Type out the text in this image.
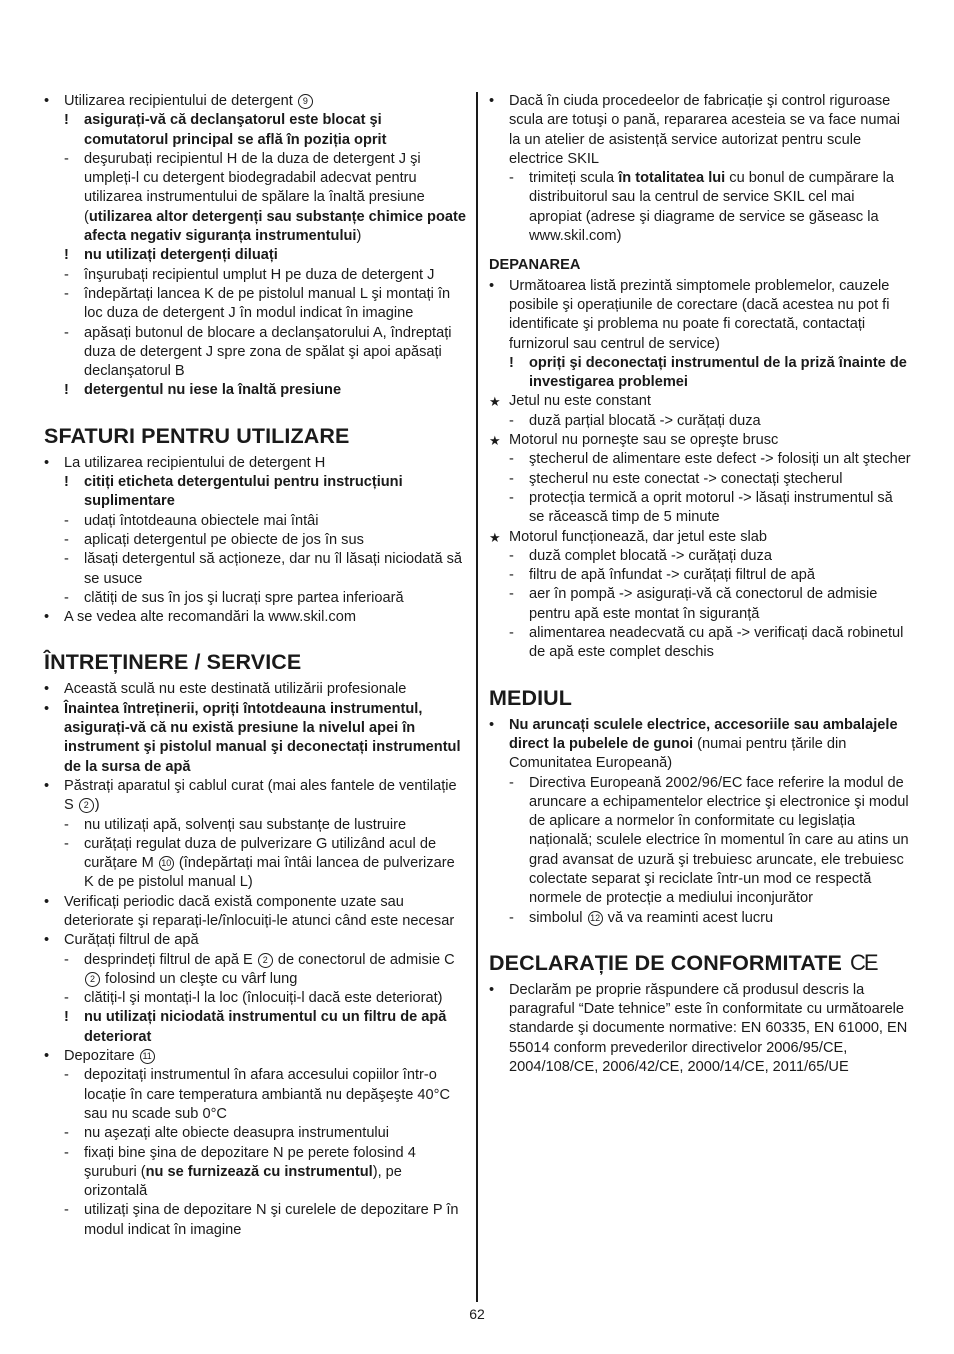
• Utilizarea recipientului de detergent 9
! asigurați-vă că declanşatorul este blocat şi comutatorul principal se află în poziția oprit
- deşurubați recipientul H de la duza de detergent J şi umpleți-l cu detergent biodegradabil adecvat pentru utilizarea instrumentului de spălare la înaltă presiune (utilizarea altor detergenți sau substanțe chimice poate afecta negativ siguranța instrumentului)
! nu utilizați detergenți diluați
- înşurubați recipientul umplut H pe duza de detergent J
- îndepărtați lancea K de pe pistolul manual L şi montați în loc duza de detergent J în modul indicat în imagine
- apăsați butonul de blocare a declanşatorului A, îndreptați duza de detergent J spre zona de spălat şi apoi apăsați declanşatorul B
! detergentul nu iese la înaltă presiune
SFATURI PENTRU UTILIZARE
• La utilizarea recipientului de detergent H
! citiți eticheta detergentului pentru instrucțiuni suplimentare
- udați întotdeauna obiectele mai întâi
- aplicați detergentul pe obiecte de jos în sus
- lăsați detergentul să acționeze, dar nu îl lăsați niciodată să se usuce
- clătiți de sus în jos şi lucrați spre partea inferioară
• A se vedea alte recomandări la www.skil.com
ÎNTREȚINERE / SERVICE
• Această sculă nu este destinată utilizării profesionale
• Înaintea întreținerii, opriți întotdeauna instrumentul, asigurați-vă că nu există presiune la nivelul apei în instrument şi pistolul manual şi deconectați instrumentul de la sursa de apă
• Păstrați aparatul şi cablul curat (mai ales fantele de ventilație S 2 )
- nu utilizați apă, solvenți sau substanțe de lustruire
- curățați regulat duza de pulverizare G utilizând acul de curățare M 10 (îndepărtați mai întâi lancea de pulverizare K de pe pistolul manual L)
• Verificați periodic dacă există componente uzate sau deteriorate şi reparați-le/înlocuiți-le atunci când este necesar
• Curățați filtrul de apă
- desprindeți filtrul de apă E 2 de conectorul de admisie C 2 folosind un cleşte cu vârf lung
- clătiți-l şi montați-l la loc (înlocuiți-l dacă este deteriorat)
! nu utilizați niciodată instrumentul cu un filtru de apă deteriorat
• Depozitare 11
- depozitați instrumentul în afara accesului copiilor într-o locație în care temperatura ambiantă nu depăşeşte 40°C sau nu scade sub 0°C
- nu aşezați alte obiecte deasupra instrumentului
- fixați bine şina de depozitare N pe perete folosind 4 şuruburi (nu se furnizează cu instrumentul), pe orizontală
- utilizați şina de depozitare N şi curelele de depozitare P în modul indicat în imagine
• Dacă în ciuda procedeelor de fabricație şi control riguroase scula are totuşi o pană, repararea acesteia se va face numai la un atelier de asistență service autorizat pentru scule electrice SKIL
- trimiteți scula în totalitatea lui cu bonul de cumpărare la distribuitorul sau la centrul de service SKIL cel mai apropiat (adrese şi diagrame de service se găseasc la www.skil.com)
DEPANAREA
• Următoarea listă prezintă simptomele problemelor, cauzele posibile şi operațiunile de corectare (dacă acestea nu pot fi identificate şi problema nu poate fi corectată, contactați furnizorul sau centrul de service)
! opriți şi deconectați instrumentul de la priză înainte de investigarea problemei
★ Jetul nu este constant
- duză parțial blocată -> curățați duza
★ Motorul nu porneşte sau se opreşte brusc
- ştecherul de alimentare este defect -> folosiți un alt ştecher
- ştecherul nu este conectat -> conectați ştecherul
- protecția termică a oprit motorul -> lăsați instrumentul să se răcească timp de 5 minute
★ Motorul funcționează, dar jetul este slab
- duză complet blocată -> curățați duza
- filtru de apă înfundat -> curățați filtrul de apă
- aer în pompă -> asigurați-vă că conectorul de admisie pentru apă este montat în siguranță
- alimentarea neadecvată cu apă -> verificați dacă robinetul de apă este complet deschis
MEDIUL
• Nu aruncați sculele electrice, accesoriile sau ambalajele direct la pubelele de gunoi (numai pentru țările din Comunitatea Europeană)
- Directiva Europeană 2002/96/EC face referire la modul de aruncare a echipamentelor electrice şi electronice şi modul de aplicare a normelor în conformitate cu legislația națională; sculele electrice în momentul în care au atins un grad avansat de uzură şi trebuiesc aruncate, ele trebuiesc colectate separat şi reciclate într-un mod ce respectă normele de protecție a mediului inconjurător
- simbolul 12 vă va reaminti acest lucru
DECLARAȚIE DE CONFORMITATE CE
• Declarăm pe proprie răspundere că produsul descris la paragraful “Date tehnice” este în conformitate cu următoarele standarde şi documente normative: EN 60335, EN 61000, EN 55014 conform prevederilor directivelor 2006/95/CE, 2004/108/CE, 2006/42/CE, 2000/14/CE, 2011/65/UE
62
